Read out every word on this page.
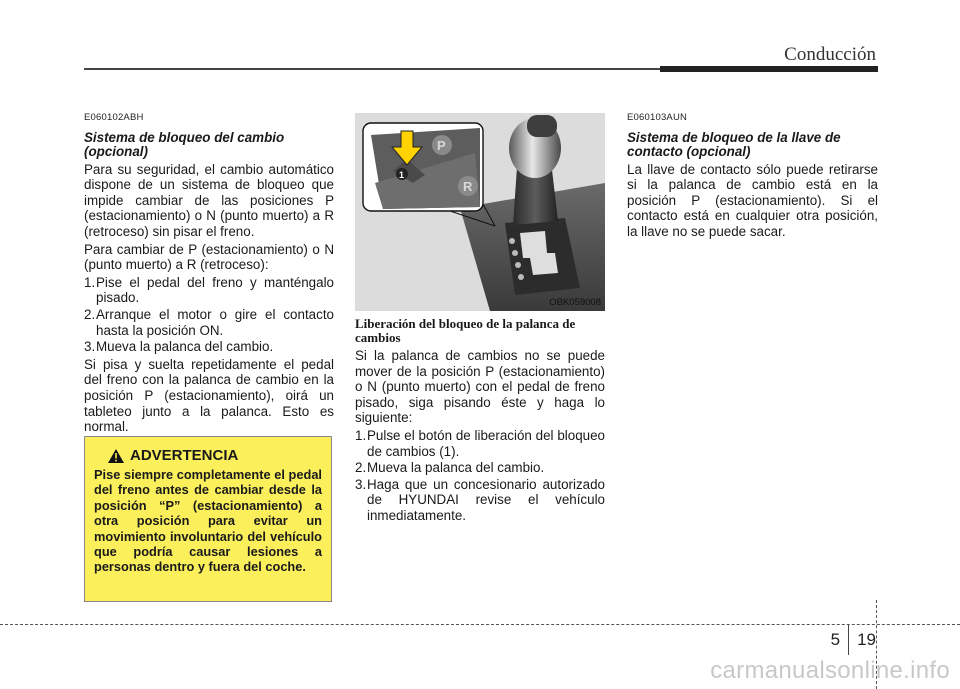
Conducción
E060102ABH
Sistema de bloqueo del cambio (opcional)

Para su seguridad, el cambio automático dispone de un sistema de bloqueo que impide cambiar de las posiciones P (estacionamiento) o N (punto muerto) a R (retroceso) sin pisar el freno.

Para cambiar de P (estacionamiento) o N (punto muerto) a R (retroceso):

1. Pise el pedal del freno y manténgalo pisado.
2. Arranque el motor o gire el contacto hasta la posición ON.
3. Mueva la palanca del cambio.

Si pisa y suelta repetidamente el pedal del freno con la palanca de cambio en la posición P (estacionamiento), oirá un tableteo junto a la palanca. Esto es normal.

ADVERTENCIA
Pise siempre completamente el pedal del freno antes de cambiar desde la posición “P” (estacionamiento) a otra posición para evitar un movimiento involuntario del vehículo que podría causar lesiones a personas dentro y fuera del coche.
P
R
1
OBK059008
Liberación del bloqueo de la palanca de cambios

Si la palanca de cambios no se puede mover de la posición P (estacionamiento) o N (punto muerto) con el pedal de freno pisado, siga pisando éste y haga lo siguiente:

1. Pulse el botón de liberación del bloqueo de cambios (1).
2. Mueva la palanca del cambio.
3. Haga que un concesionario autorizado de HYUNDAI revise el vehículo inmediatamente.
E060103AUN
Sistema de bloqueo de la llave de contacto (opcional)

La llave de contacto sólo puede retirarse si la palanca de cambio está en la posición P (estacionamiento). Si el contacto está en cualquier otra posición, la llave no se puede sacar.

5 19
carmanualsonline.info
